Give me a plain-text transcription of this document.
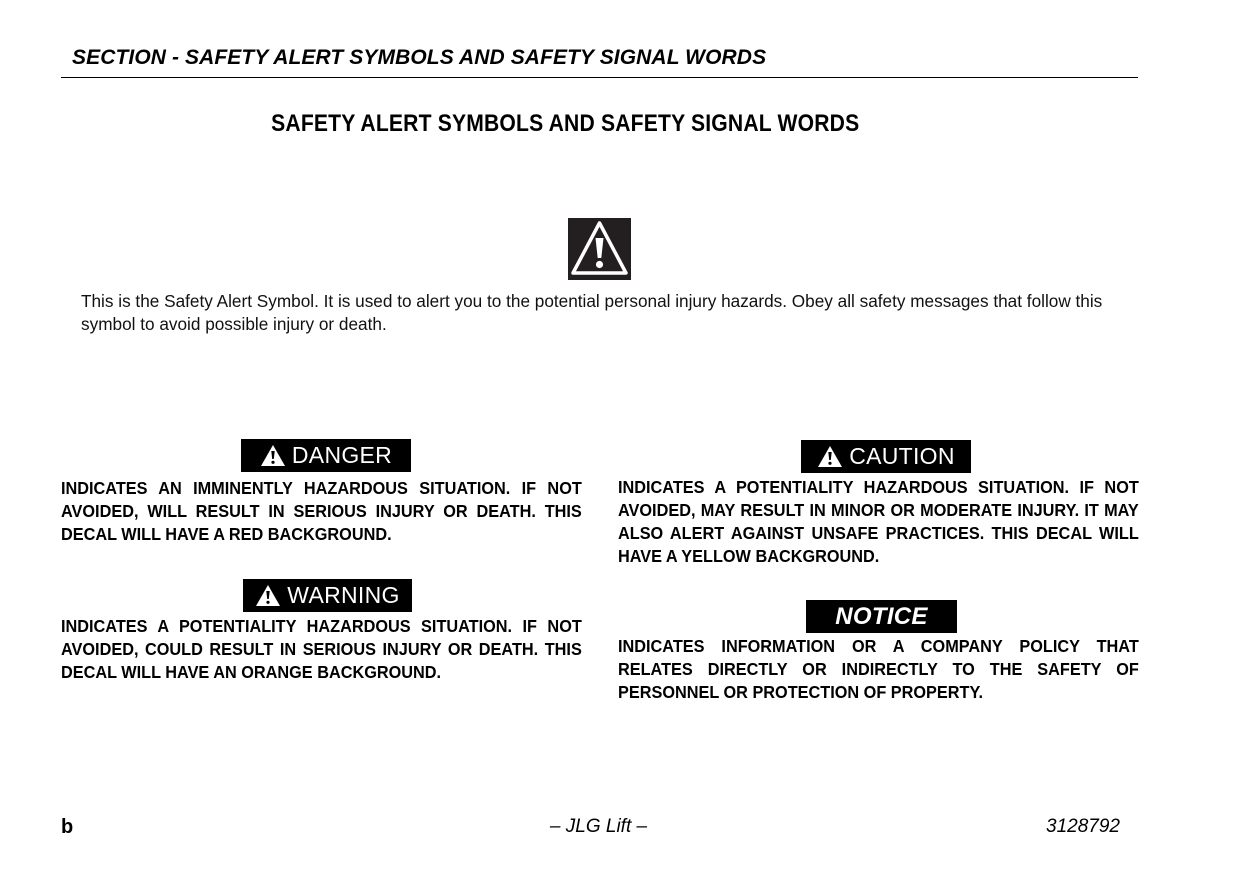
SECTION - SAFETY ALERT SYMBOLS AND SAFETY SIGNAL WORDS
SAFETY ALERT SYMBOLS AND SAFETY SIGNAL WORDS
This is the Safety Alert Symbol. It is used to alert you to the potential personal injury hazards. Obey all safety messages that follow this symbol to avoid possible injury or death.
DANGER
INDICATES AN IMMINENTLY HAZARDOUS SITUATION. IF NOT AVOIDED, WILL RESULT IN SERIOUS INJURY OR DEATH. THIS DECAL WILL HAVE A RED BACKGROUND.
WARNING
INDICATES A POTENTIALITY HAZARDOUS SITUATION. IF NOT AVOIDED, COULD RESULT IN SERIOUS INJURY OR DEATH. THIS DECAL WILL HAVE AN ORANGE BACKGROUND.
CAUTION
INDICATES A POTENTIALITY HAZARDOUS SITUATION. IF NOT AVOIDED, MAY RESULT IN MINOR OR MODERATE INJURY. IT MAY ALSO ALERT AGAINST UNSAFE PRACTICES. THIS DECAL WILL HAVE A YELLOW BACKGROUND.
NOTICE
INDICATES INFORMATION OR A COMPANY POLICY THAT RELATES DIRECTLY OR INDIRECTLY TO THE SAFETY OF PERSONNEL OR PROTECTION OF PROPERTY.
b	– JLG Lift –	3128792
